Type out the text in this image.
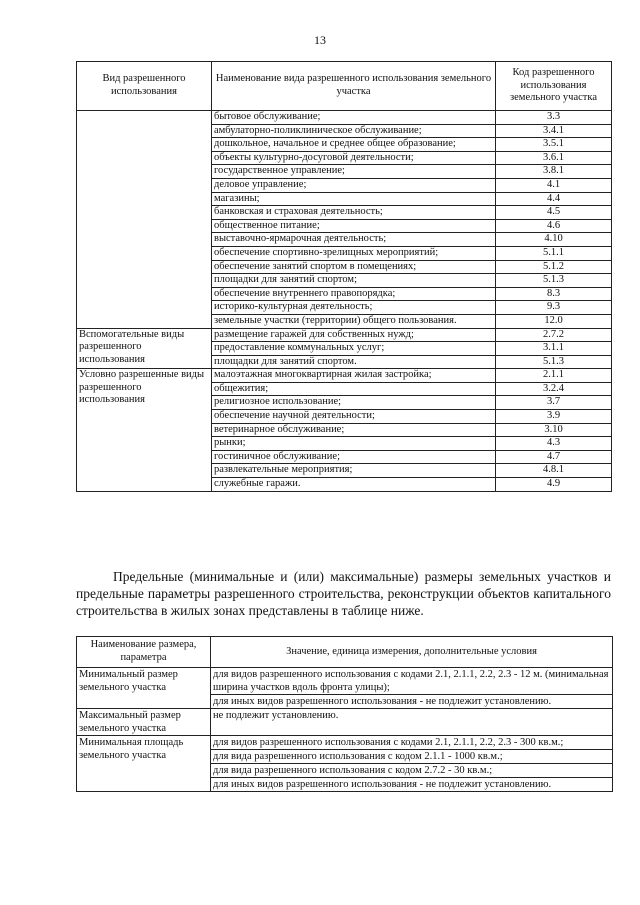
13
Вид разрешенного использования	Наименование вида разрешенного использования земельного участка	Код разрешенного использования земельного участка
	бытовое обслуживание;	3.3
	амбулаторно-поликлиническое обслуживание;	3.4.1
	дошкольное, начальное и среднее общее образование;	3.5.1
	объекты культурно-досуговой деятельности;	3.6.1
	государственное управление;	3.8.1
	деловое управление;	4.1
	магазины;	4.4
	банковская и страховая деятельность;	4.5
	общественное питание;	4.6
	выставочно-ярмарочная деятельность;	4.10
	обеспечение спортивно-зрелищных мероприятий;	5.1.1
	обеспечение занятий спортом в помещениях;	5.1.2
	площадки для занятий спортом;	5.1.3
	обеспечение внутреннего правопорядка;	8.3
	историко-культурная деятельность;	9.3
	земельные участки (территории) общего пользования.	12.0
Вспомогательные виды разрешенного использования	размещение гаражей для собственных нужд;	2.7.2
	предоставление коммунальных услуг;	3.1.1
	площадки для занятий спортом.	5.1.3
Условно разрешенные виды разрешенного использования	малоэтажная многоквартирная жилая застройка;	2.1.1
	общежития;	3.2.4
	религиозное использование;	3.7
	обеспечение научной деятельности;	3.9
	ветеринарное обслуживание;	3.10
	рынки;	4.3
	гостиничное обслуживание;	4.7
	развлекательные мероприятия;	4.8.1
	служебные гаражи.	4.9

Предельные (минимальные и (или) максимальные) размеры земельных участков и предельные параметры разрешенного строительства, реконструкции объектов капитального строительства в жилых зонах представлены в таблице ниже.

Наименование размера, параметра	Значение, единица измерения, дополнительные условия
Минимальный размер земельного участка	для видов разрешенного использования с кодами 2.1, 2.1.1, 2.2, 2.3 - 12 м. (минимальная ширина участков вдоль фронта улицы);
	для иных видов разрешенного использования - не подлежит установлению.
Максимальный размер земельного участка	не подлежит установлению.
Минимальная площадь земельного участка	для видов разрешенного использования с кодами 2.1, 2.1.1, 2.2, 2.3 - 300 кв.м.;
	для вида разрешенного использования с кодом 2.1.1 - 1000 кв.м.;
	для вида разрешенного использования с кодом 2.7.2 - 30 кв.м.;
	для иных видов разрешенного использования - не подлежит установлению.
